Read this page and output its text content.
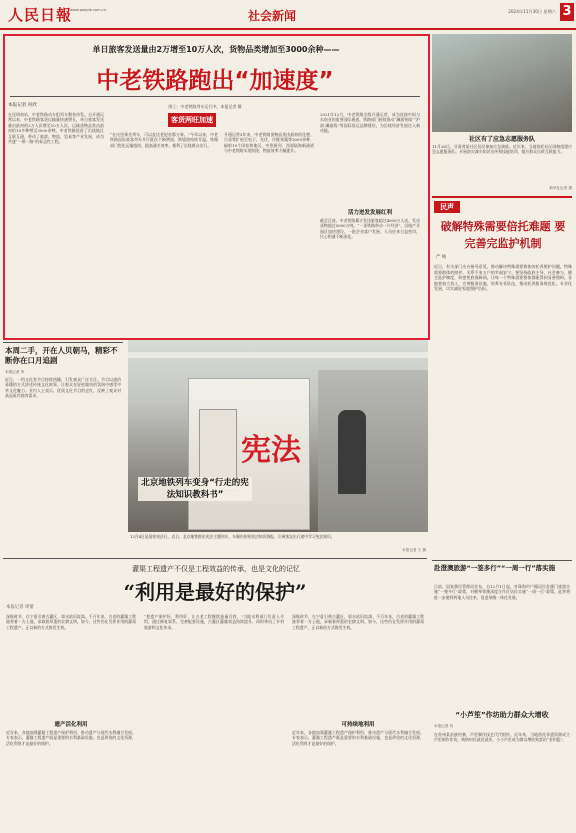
人民日報
www.people.com.cn	社会新闻	2024年11月30日 星期六 3
单日旅客发送量由2万增至10万人次，货物品类增加至3000余种——
中老铁路跑出“加速度”
本报记者 何欣
客货两旺加速
图①：中老铁路列车运行中。本报记者 摄
在昆明南站，中老铁路动车组列车整装待发。自开通运营以来，中老铁路客货运输量快速增长，单日旅客发送量由最初的2万人次增至10万人次，运输货物品类由最初的10多种增至3000余种。中老铁路促进了沿线地区互联互通，带动了旅游、物流、贸易等产业发展，成为共建“一带一路”的标志性工程。
“在这里乘坐列车，可以直达老挝首都万象。”今年以来，中老铁路国际旅客列车开行班次不断增加，跨境游持续升温。铁路部门优化运输组织，提高通关效率，便利了沿线群众出行。
开通运营3年来，中老铁路货物品类由最初的化肥、百货等扩展至电子、光伏、冷链果蔬等3000余种，辐射19个国家和地区。中欧班列、西部陆海新通道与中老铁路实现衔接，物流效率大幅提升。
2021年12月，中老铁路全线开通运营，成为连接中国与东南亚的重要国际通道。铁路部门持续推动“澜湄快线”“沪滇·澜湄线”等国际货运品牌建设，为沿线经济发展注入新动能。
活力迸发发展红利
截至目前，中老铁路累计发送旅客超过4000万人次，发送货物超过5000万吨。“一条铁路带动一片经济”，沿线产业园区加快建设，一批企业落户发展，人员往来日益密切，民心相通不断深化。
社区有了应急志愿服务队
11月26日，甘肃省某社区居民参加应急演练。近年来，当地依托社区网格组建应急志愿服务队，开展防灾减灾知识宣传和技能培训，提升群众自救互救能力。
新华社记者 摄
民声
破解特殊需要倍托难题 要完善完监护机制
严 峻
近日，有关部门出台指导意见，推动解决特殊需要群体的托养照护问题。特殊需要群体的照护，关系千家万户的幸福安宁。要坚持政府主导、社会参与，健全监护制度，织密兜底保障网，让每一个特殊需要群体都能得到妥善照料。各地要加大投入，完善服务设施，培养专业队伍，推动托养服务规范化、专业化发展，切实减轻家庭照护负担。
本周二手，开在人贝朝马，精彩不断你在口月追剧
本报记者 李
近日，一档文化类节目持续热播，引发观众广泛关注。节目以通俗易懂的方式讲述传统文化故事，让观众在轻松愉快的氛围中感受中华文化魅力。业内人士表示，优质文化节目的走红，反映了观众对高品质内容的需求。
宪法
12月4日是国家宪法日。近日，北京地铁推出宪法主题列车，车厢内张贴宪法知识海报，让乘客在出行途中学习宪法知识。
本报记者 王 摄
北京地铁列车变身“行走的宪法知识教科书”
灌渠工程遗产不仅是工程效益的传承，也是文化的记忆
“利用是最好的保护”
本报记者 周蕾
深秋时节，在宁夏引黄古灌区，渠水依旧流淌。千百年来，古老的灌溉工程滋养着一方土地，承载着厚重的农耕文明。如今，这些仍在发挥作用的灌渠工程遗产，正以新的方式焕发生机。
遗产活化利用
近年来，各地加强灌溉工程遗产保护利用，推动遗产与现代水利融合发展。专家表示，灌溉工程遗产既是重要的水利基础设施，也是珍贵的文化资源，活化利用才是最好的保护。
“把遗产保护好、利用好，让古老工程继续造福百姓。”当地水利部门负责人介绍，通过修复渠系、完善配套设施，古灌区灌溉效益持续提升，同时带动了乡村旅游和文化传承。
可持续地利用
深秋时节，在宁夏引黄古灌区，渠水依旧流淌。千百年来，古老的灌溉工程滋养着一方土地，承载着厚重的农耕文明。如今，这些仍在发挥作用的灌渠工程遗产，正以新的方式焕发生机。
近年来，各地加强灌溉工程遗产保护利用，推动遗产与现代水利融合发展。专家表示，灌溉工程遗产既是重要的水利基础设施，也是珍贵的文化资源，活化利用才是最好的保护。
赴澄澳旅游“一签多行”“一周一行”落实施
日前，国家移民管理局宣布，自12月1日起，对珠海市户籍居民赴澳门旅游实施“一签多行”政策，对横琴粤澳深度合作区居民实施“一周一行”政策。此举将进一步便利两地人员往来，促进琴澳一体化发展。
“小芦笙”作坊助力群众大增收
本报记者 刘
在贵州某苗族村寨，芦笙制作技艺代代相传。近年来，当地依托非遗资源成立芦笙制作作坊，吸纳村民就近就业，小小芦笙成为群众增收致富的“金钥匙”。
